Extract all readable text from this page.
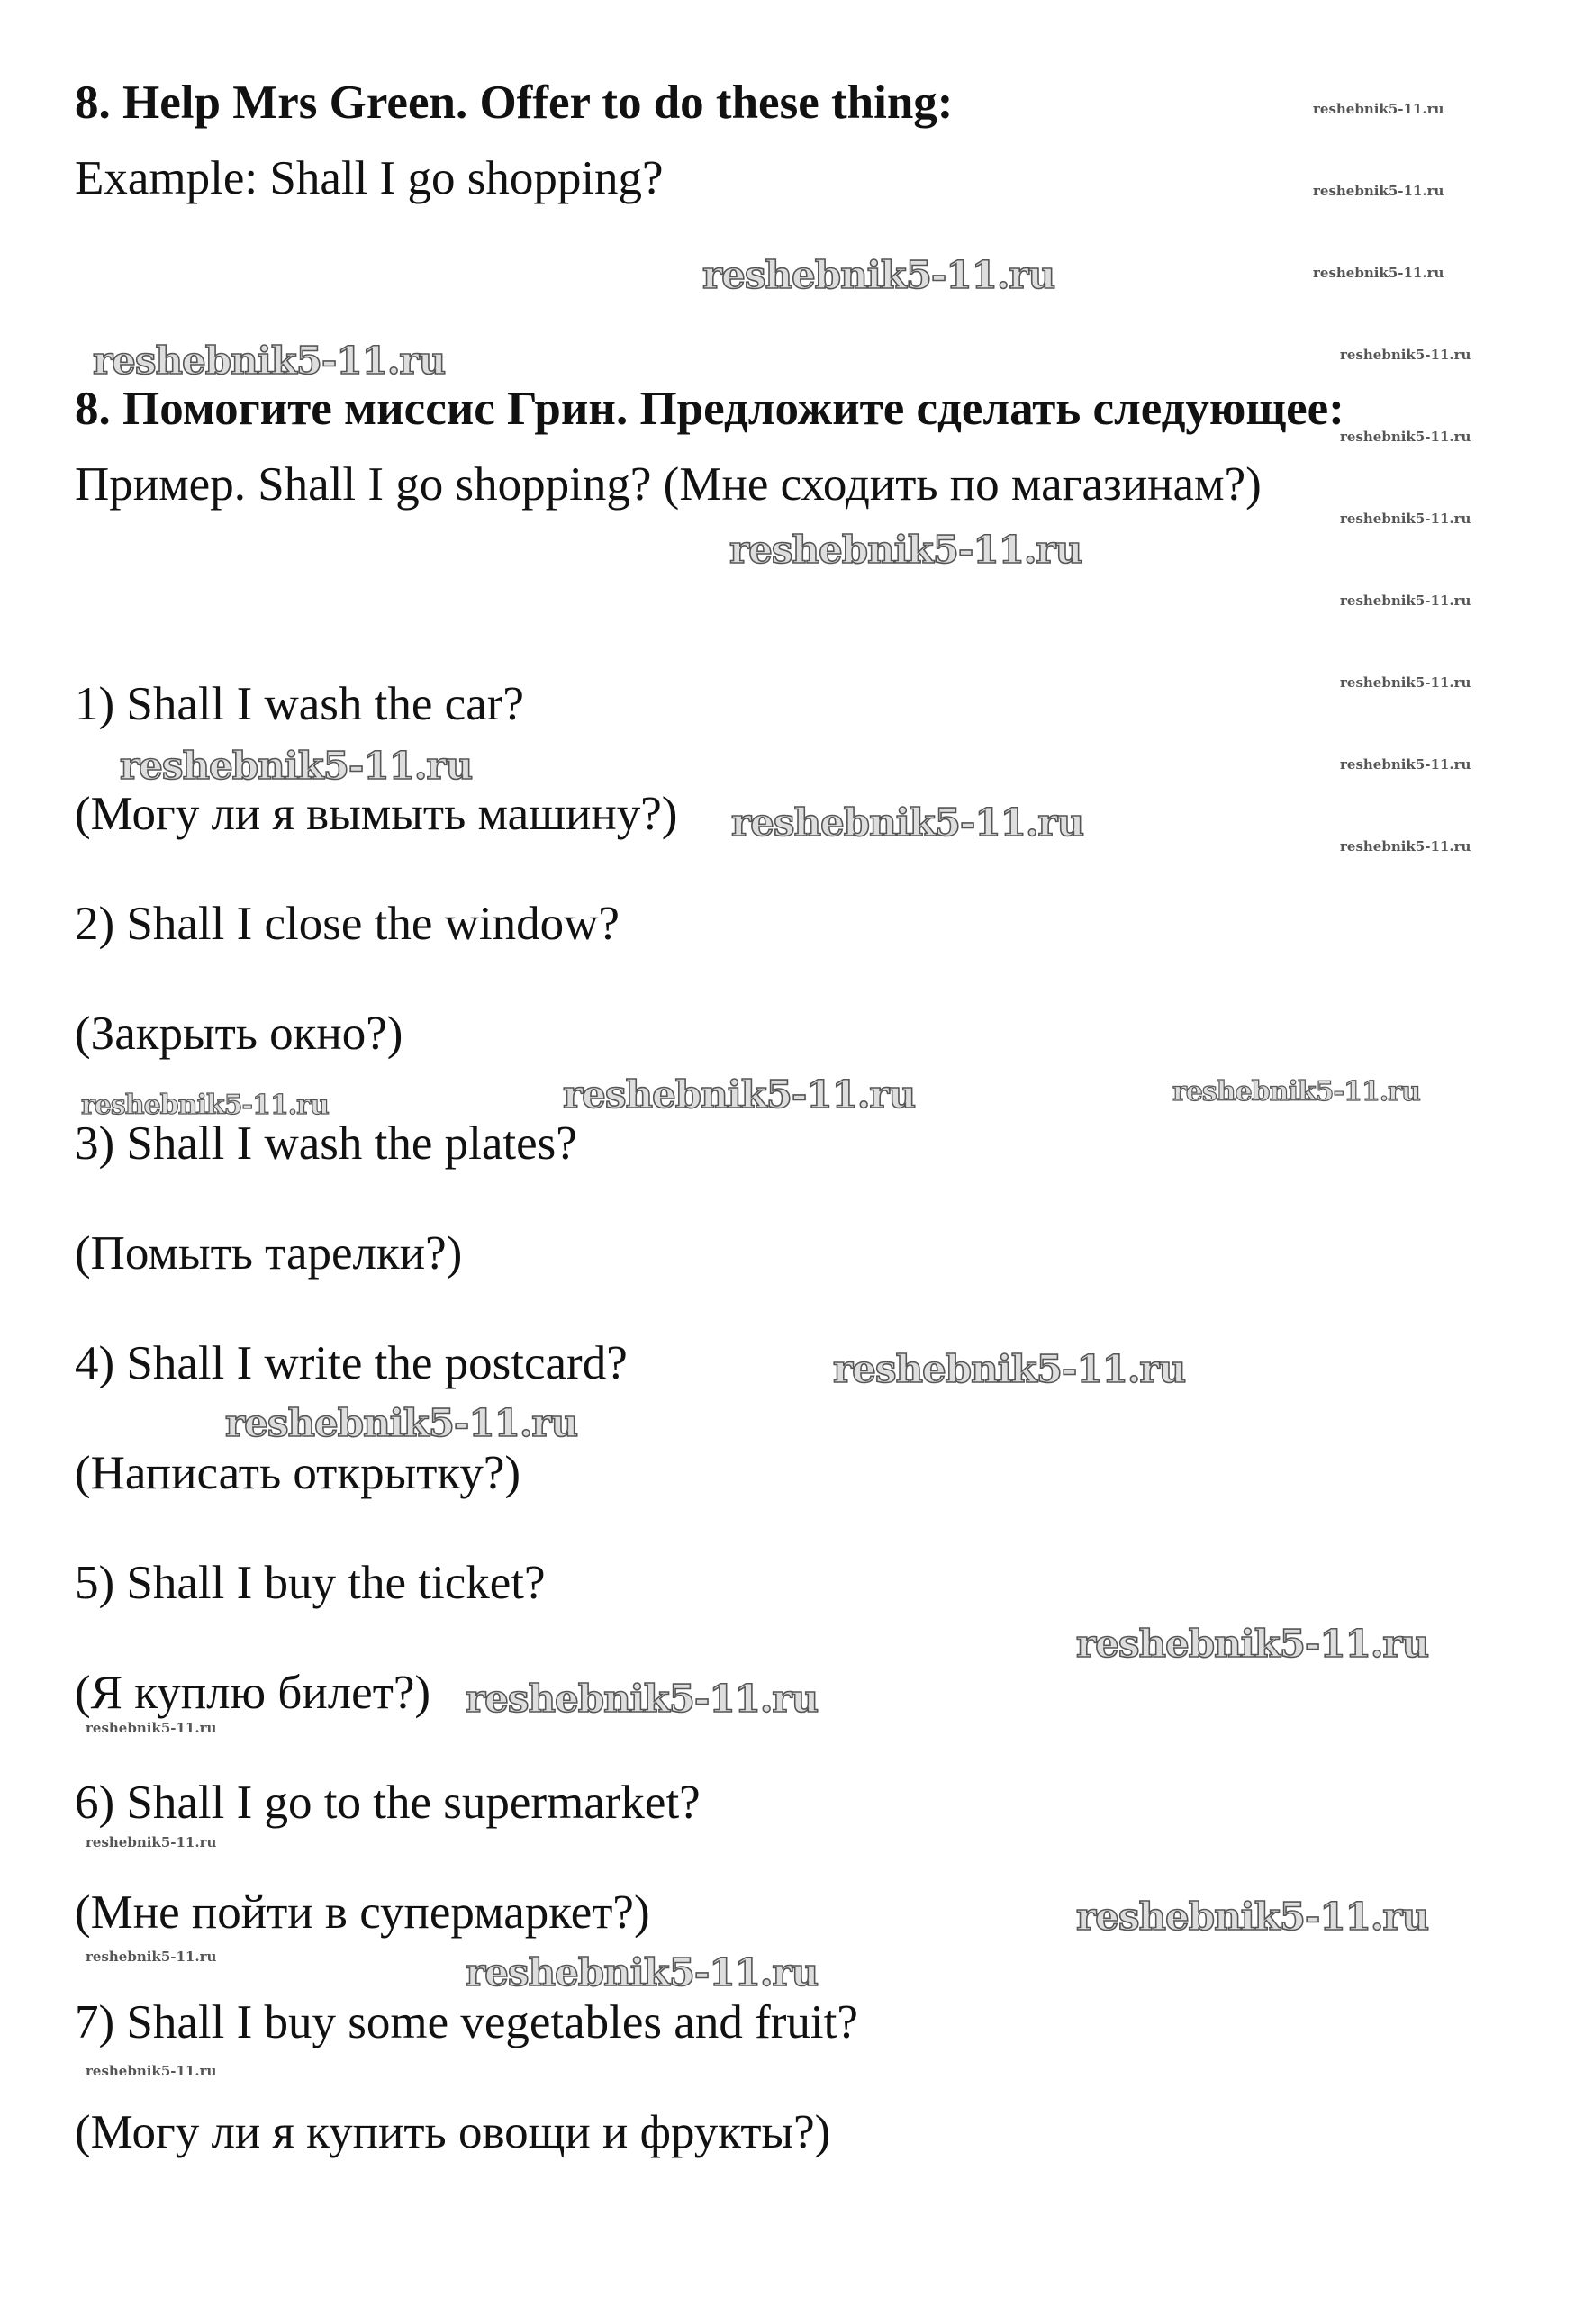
8. Help Mrs Green. Offer to do these thing:
Example: Shall I go shopping?
8. Помогите миссис Грин. Предложите сделать следующее:
Пример. Shall I go shopping? (Мне сходить по магазинам?)
1) Shall I wash the car?
(Могу ли я вымыть машину?)
2) Shall I close the window?
(Закрыть окно?)
3) Shall I wash the plates?
(Помыть тарелки?)
4) Shall I write the postcard?
(Написать открытку?)
5) Shall I buy the ticket?
(Я куплю билет?)
6) Shall I go to the supermarket?
(Мне пойти в супермаркет?)
7) Shall I buy some vegetables and fruit?
(Могу ли я купить овощи и фрукты?)
reshebnik5-11.ru
reshebnik5-11.ru
reshebnik5-11.ru
reshebnik5-11.ru
reshebnik5-11.ru
reshebnik5-11.ru
reshebnik5-11.ru
reshebnik5-11.ru
reshebnik5-11.ru
reshebnik5-11.ru
reshebnik5-11.ru
reshebnik5-11.ru
reshebnik5-11.ru	reshebnik5-11.ru
reshebnik5-11.ru
reshebnik5-11.ru
reshebnik5-11.ru
reshebnik5-11.ru
reshebnik5-11.ru
reshebnik5-11.ru
reshebnik5-11.ru
reshebnik5-11.ru
reshebnik5-11.ru
reshebnik5-11.ru
reshebnik5-11.ru
reshebnik5-11.ru
reshebnik5-11.ru
reshebnik5-11.ru
